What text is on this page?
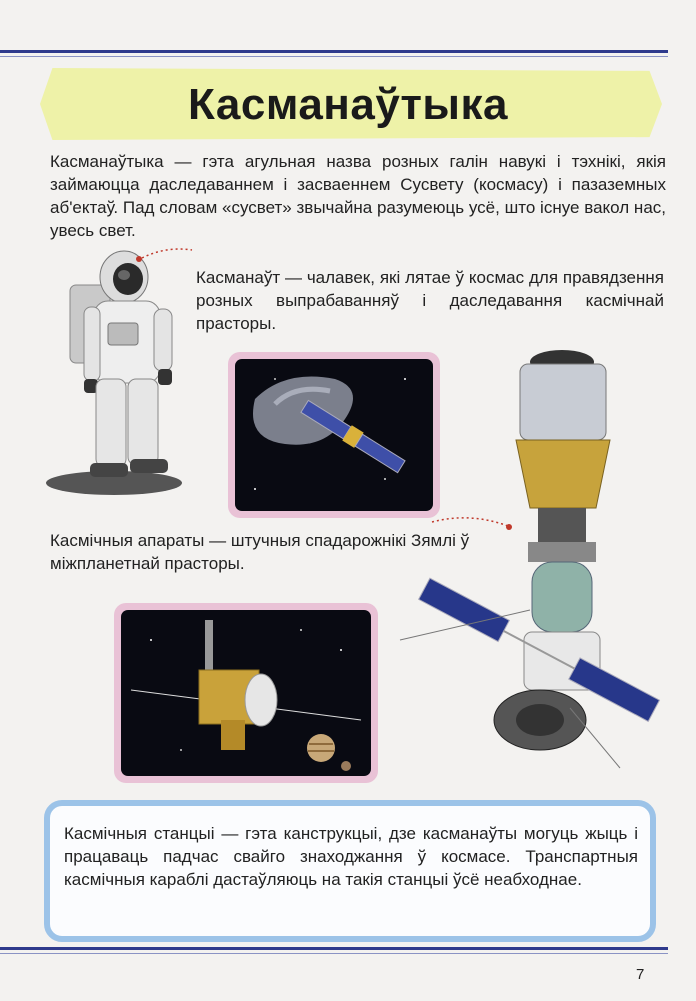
Касманаўтыка
Касманаўтыка — гэта агульная назва розных галін навукі і тэхнікі, якія займаюцца даследаваннем і засваеннем Сусвету (космасу) і пазаземных аб'ектаў. Пад словам «сусвет» звычайна разумеюць усё, што існуе вакол нас, увесь свет.
Касманаўт — чалавек, які лятае ў космас для правядзення розных выпрабаванняў і даследавання касмічнай прасторы.
Касмічныя апараты — штучныя спадарожнікі Зямлі ў міжпланетнай прасторы.
Касмічныя станцыі — гэта канструкцыі, дзе касманаўты могуць жыць і працаваць падчас свайго знаходжання ў космасе. Транспартныя касмічныя караблі дастаўляюць на такія станцыі ўсё неабходнае.
7
